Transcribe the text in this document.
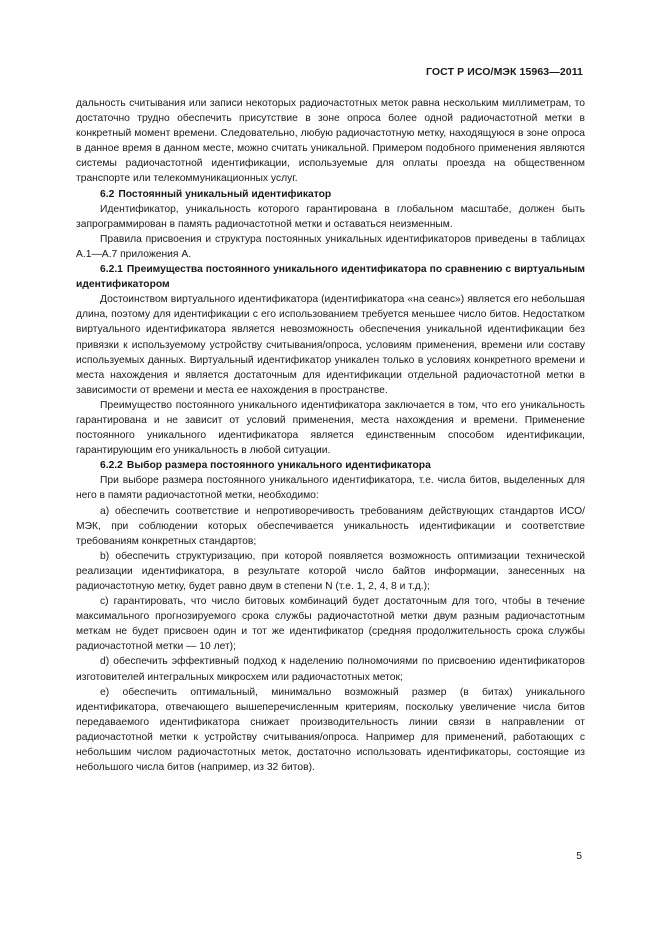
ГОСТ Р ИСО/МЭК 15963—2011

дальность считывания или записи некоторых радиочастотных меток равна нескольким миллиметрам, то достаточно трудно обеспечить присутствие в зоне опроса более одной радиочастотной метки в конкретный момент времени. Следовательно, любую радиочастотную метку, находящуюся в зоне опроса в данное время в данном месте, можно считать уникальной. Примером подобного применения являются системы радиочастотной идентификации, используемые для оплаты проезда на общественном транспорте или телекоммуникационных услуг.

6.2 Постоянный уникальный идентификатор

Идентификатор, уникальность которого гарантирована в глобальном масштабе, должен быть запрограммирован в память радиочастотной метки и оставаться неизменным.

Правила присвоения и структура постоянных уникальных идентификаторов приведены в таблицах А.1—А.7 приложения А.

6.2.1 Преимущества постоянного уникального идентификатора по сравнению с виртуальным идентификатором

Достоинством виртуального идентификатора (идентификатора «на сеанс») является его небольшая длина, поэтому для идентификации с его использованием требуется меньшее число битов. Недостатком виртуального идентификатора является невозможность обеспечения уникальной идентификации без привязки к используемому устройству считывания/опроса, условиям применения, времени или составу используемых данных. Виртуальный идентификатор уникален только в условиях конкретного времени и места нахождения и является достаточным для идентификации отдельной радиочастотной метки в зависимости от времени и места ее нахождения в пространстве.

Преимущество постоянного уникального идентификатора заключается в том, что его уникальность гарантирована и не зависит от условий применения, места нахождения и времени. Применение постоянного уникального идентификатора является единственным способом идентификации, гарантирующим его уникальность в любой ситуации.

6.2.2 Выбор размера постоянного уникального идентификатора

При выборе размера постоянного уникального идентификатора, т.е. числа битов, выделенных для него в памяти радиочастотной метки, необходимо:

а) обеспечить соответствие и непротиворечивость требованиям действующих стандартов ИСО/МЭК, при соблюдении которых обеспечивается уникальность идентификации и соответствие требованиям конкретных стандартов;

b) обеспечить структуризацию, при которой появляется возможность оптимизации технической реализации идентификатора, в результате которой число байтов информации, занесенных на радиочастотную метку, будет равно двум в степени N (т.е. 1, 2, 4, 8 и т.д.);

c) гарантировать, что число битовых комбинаций будет достаточным для того, чтобы в течение максимального прогнозируемого срока службы радиочастотной метки двум разным радиочастотным меткам не будет присвоен один и тот же идентификатор (средняя продолжительность срока службы радиочастотной метки — 10 лет);

d) обеспечить эффективный подход к наделению полномочиями по присвоению идентификаторов изготовителей интегральных микросхем или радиочастотных меток;

e) обеспечить оптимальный, минимально возможный размер (в битах) уникального идентификатора, отвечающего вышеперечисленным критериям, поскольку увеличение числа битов передаваемого идентификатора снижает производительность линии связи в направлении от радиочастотной метки к устройству считывания/опроса. Например для применений, работающих с небольшим числом радиочастотных меток, достаточно использовать идентификаторы, состоящие из небольшого числа битов (например, из 32 битов).

5
